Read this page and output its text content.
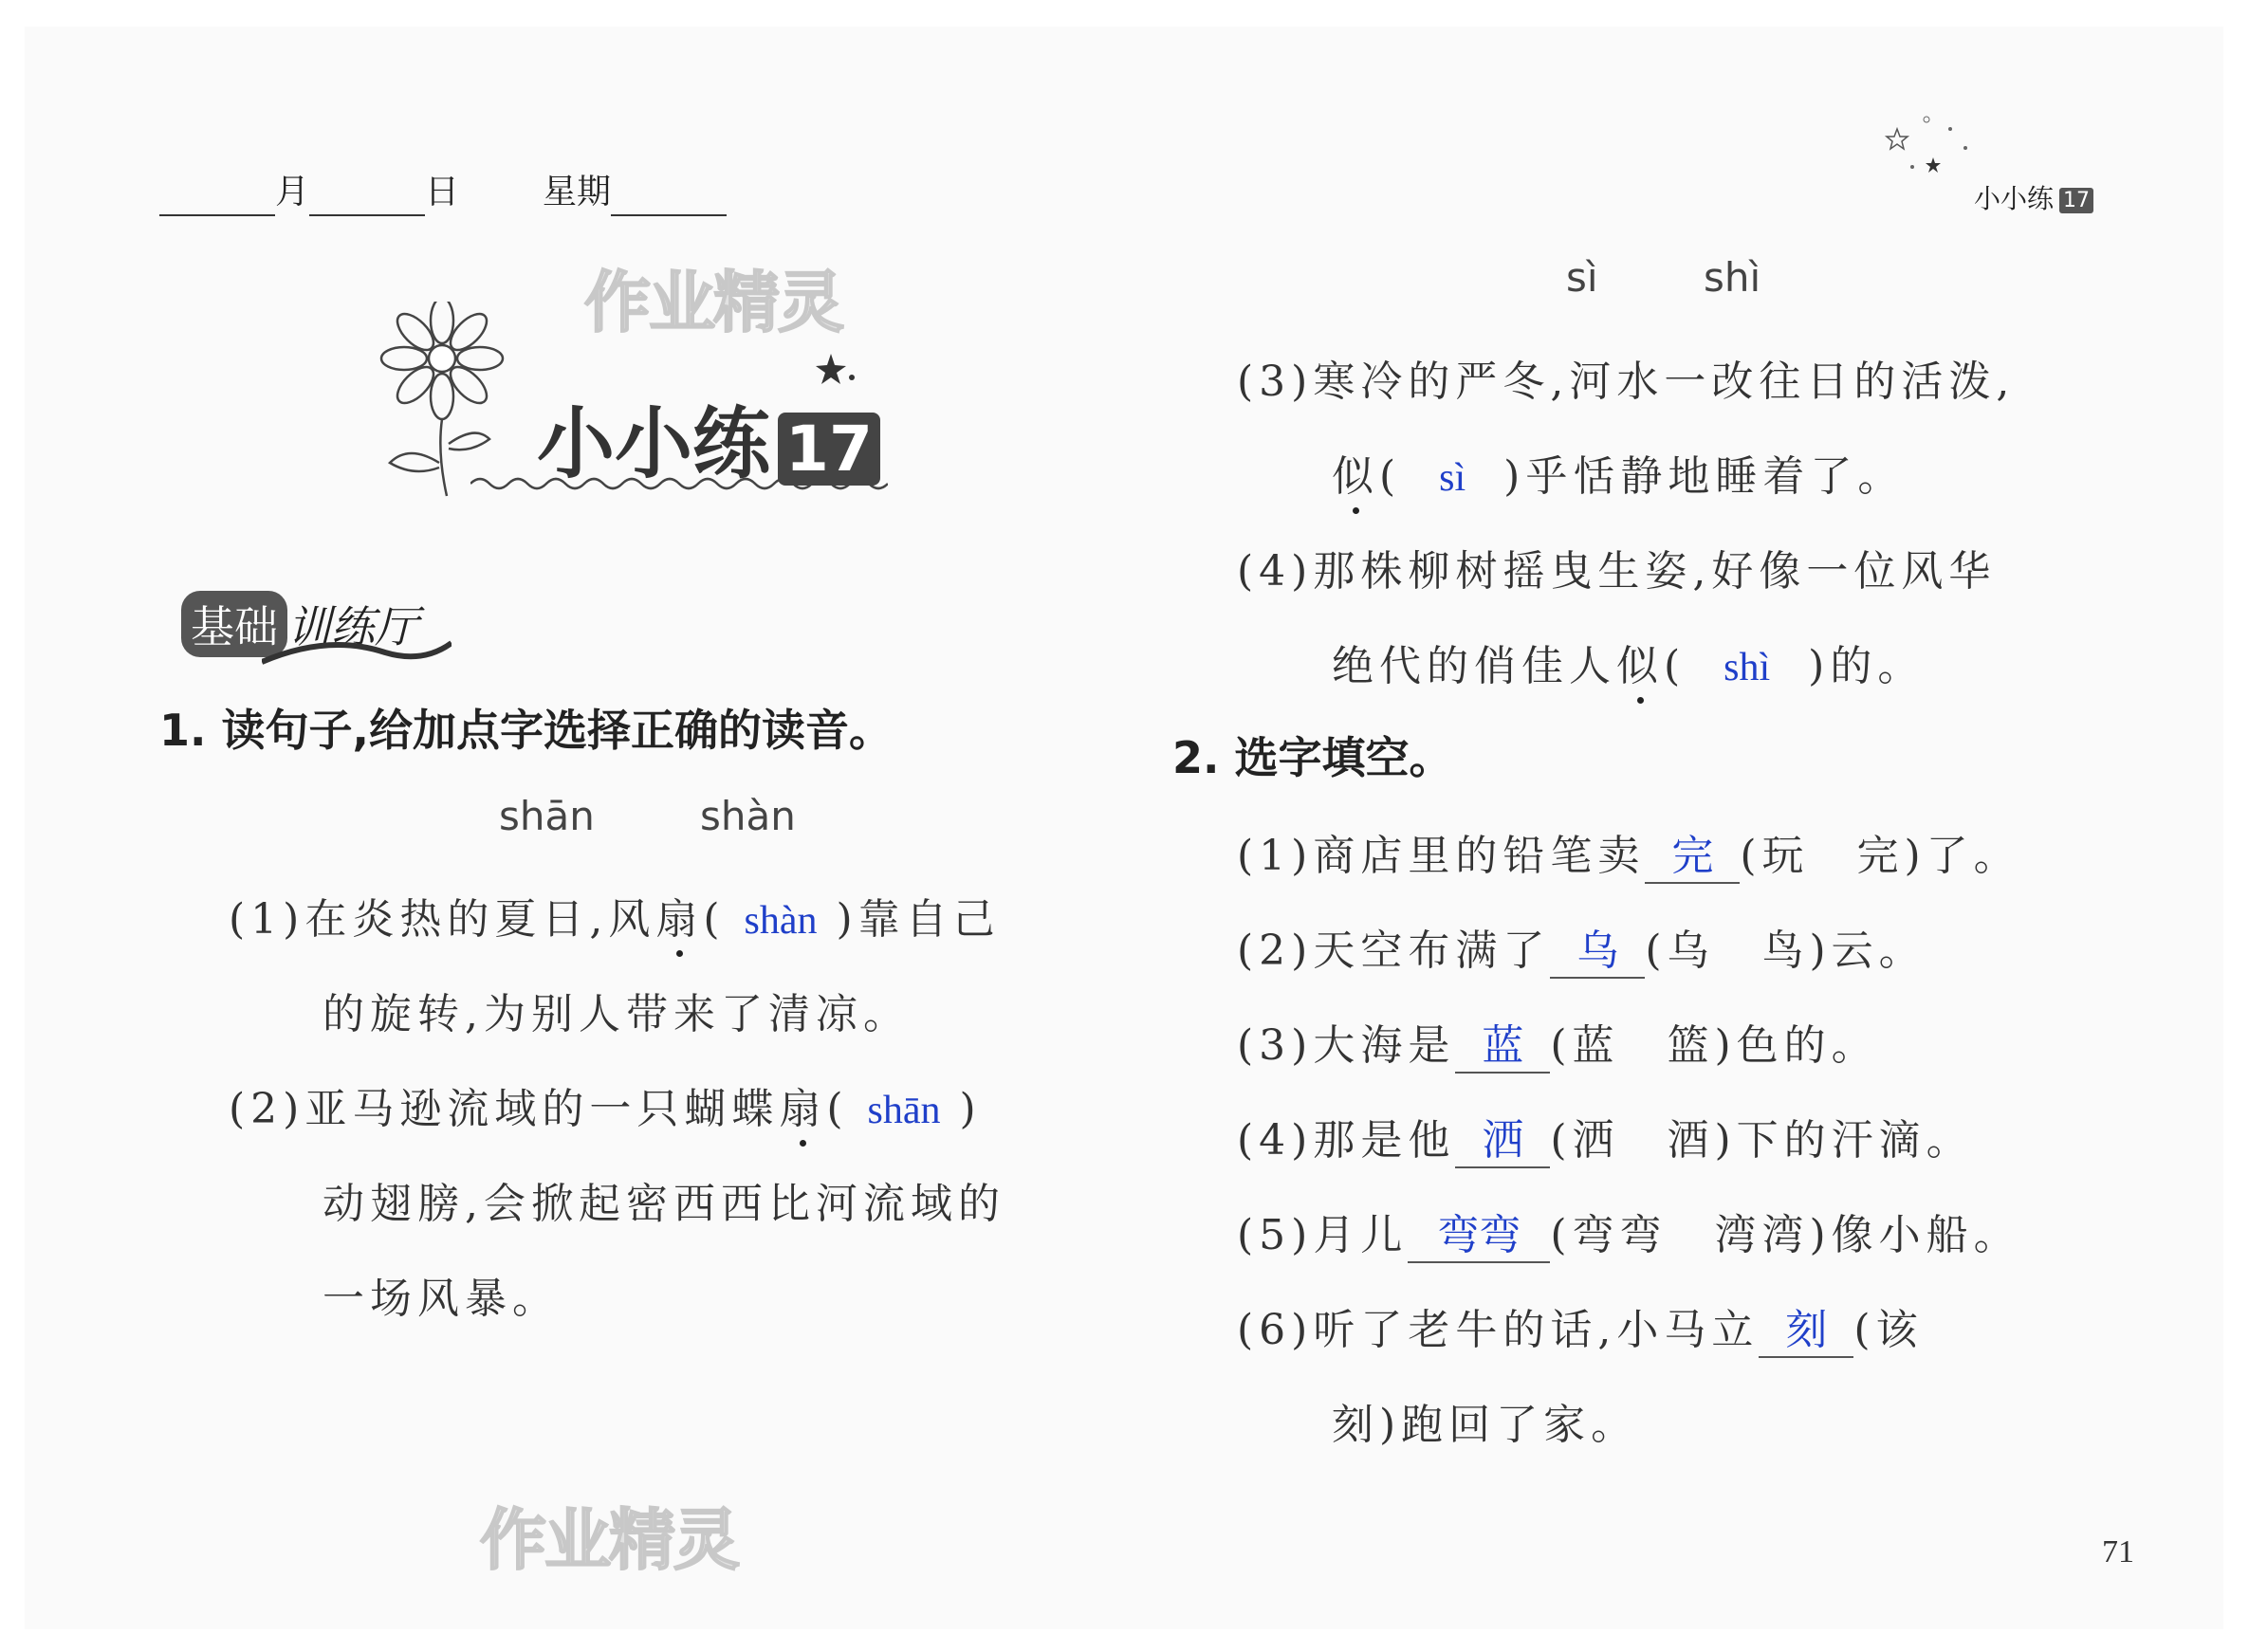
月	日 星期	小小练 17
作业精灵
小小练 17
基础 训练厅
1. 读句子,给加点字选择正确的读音。
shān	shàn
(1)在炎热的夏日,风扇( shàn )靠自己
的旋转,为别人带来了清凉。
(2)亚马逊流域的一只蝴蝶扇( shān )
动翅膀,会掀起密西西比河流域的
一场风暴。
作业精灵
sì	shì
(3)寒冷的严冬,河水一改往日的活泼,
似( sì )乎恬静地睡着了。
(4)那株柳树摇曳生姿,好像一位风华
绝代的俏佳人似( shì )的。
2. 选字填空。
(1)商店里的铅笔卖 完 (玩　完)了。
(2)天空布满了 乌 (乌　鸟)云。
(3)大海是 蓝 (蓝　篮)色的。
(4)那是他 洒 (洒　酒)下的汗滴。
(5)月儿 弯弯 (弯弯　湾湾)像小船。
(6)听了老牛的话,小马立 刻 (该
刻)跑回了家。
71
